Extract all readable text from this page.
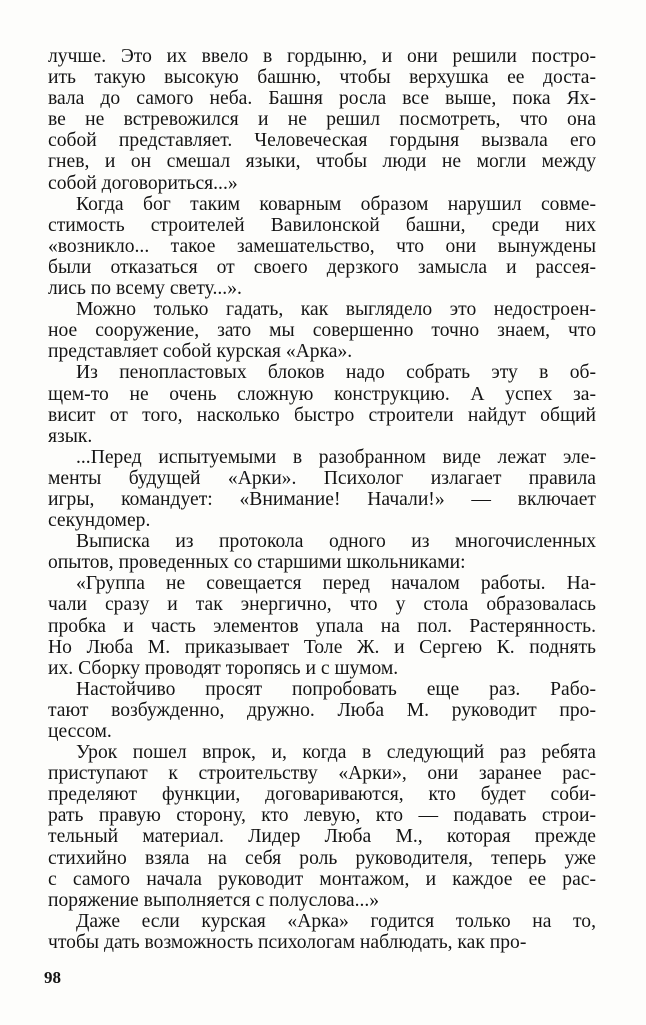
лучше. Это их ввело в гордыню, и они решили постро-
ить такую высокую башню, чтобы верхушка ее доста-
вала до самого неба. Башня росла все выше, пока Ях-
ве не встревожился и не решил посмотреть, что она
собой представляет. Человеческая гордыня вызвала его
гнев, и он смешал языки, чтобы люди не могли между
собой договориться...»
Когда бог таким коварным образом нарушил совме-
стимость строителей Вавилонской башни, среди них
«возникло... такое замешательство, что они вынуждены
были отказаться от своего дерзкого замысла и рассея-
лись по всему свету...».
Можно только гадать, как выглядело это недостроен-
ное сооружение, зато мы совершенно точно знаем, что
представляет собой курская «Арка».
Из пенопластовых блоков надо собрать эту в об-
щем-то не очень сложную конструкцию. А успех за-
висит от того, насколько быстро строители найдут общий
язык.
...Перед испытуемыми в разобранном виде лежат эле-
менты будущей «Арки». Психолог излагает правила
игры, командует: «Внимание! Начали!» — включает
секундомер.
Выписка из протокола одного из многочисленных
опытов, проведенных со старшими школьниками:
«Группа не совещается перед началом работы. На-
чали сразу и так энергично, что у стола образовалась
пробка и часть элементов упала на пол. Растерянность.
Но Люба М. приказывает Толе Ж. и Сергею К. поднять
их. Сборку проводят торопясь и с шумом.
Настойчиво просят попробовать еще раз. Рабо-
тают возбужденно, дружно. Люба М. руководит про-
цессом.
Урок пошел впрок, и, когда в следующий раз ребята
приступают к строительству «Арки», они заранее рас-
пределяют функции, договариваются, кто будет соби-
рать правую сторону, кто левую, кто — подавать строи-
тельный материал. Лидер Люба М., которая прежде
стихийно взяла на себя роль руководителя, теперь уже
с самого начала руководит монтажом, и каждое ее рас-
поряжение выполняется с полуслова...»
Даже если курская «Арка» годится только на то,
чтобы дать возможность психологам наблюдать, как про-
98
